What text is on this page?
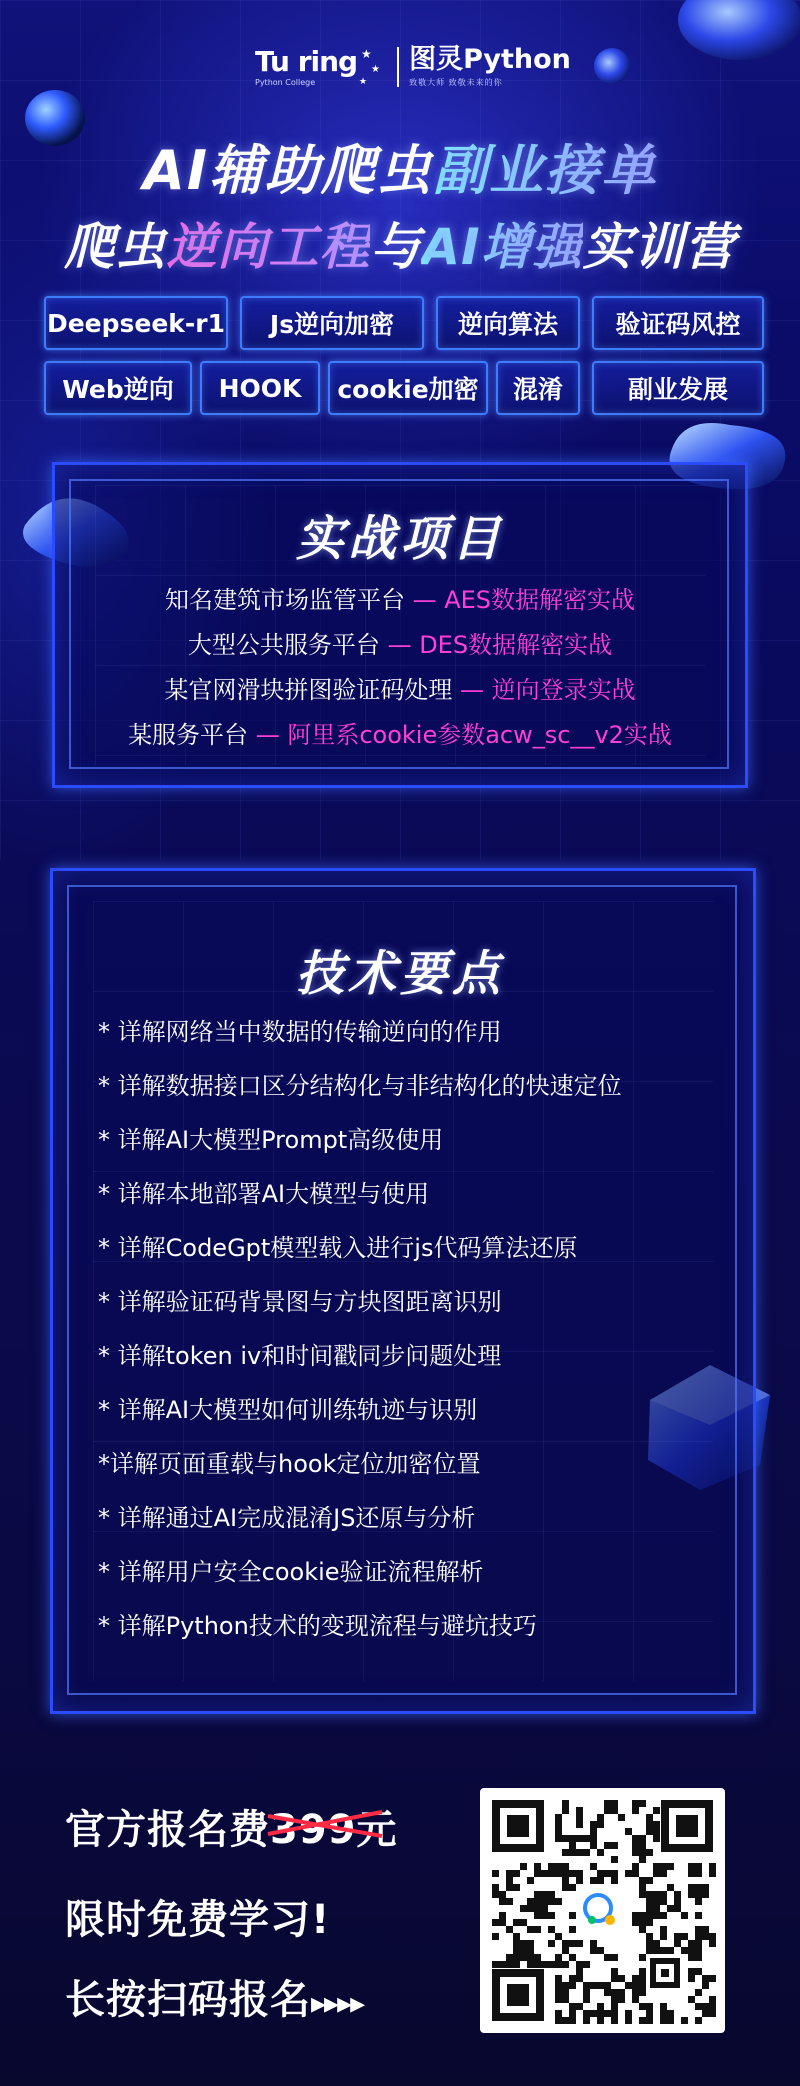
Tu ring
Python College
★
★
★
图灵Python
致敬大师 致敬未来的你
AI辅助爬虫副业接单
爬虫逆向工程与AI增强实训营
Deepseek-r1	Js逆向加密	逆向算法	验证码风控
Web逆向	HOOK	cookie加密	混淆	副业发展
实战项目
知名建筑市场监管平台 — AES数据解密实战
大型公共服务平台 — DES数据解密实战
某官网滑块拼图验证码处理 — 逆向登录实战
某服务平台 — 阿里系cookie参数acw_sc__v2实战
技术要点
* 详解网络当中数据的传输逆向的作用
* 详解数据接口区分结构化与非结构化的快速定位
* 详解AI大模型Prompt高级使用
* 详解本地部署AI大模型与使用
* 详解CodeGpt模型载入进行js代码算法还原
* 详解验证码背景图与方块图距离识别
* 详解token iv和时间戳同步问题处理
* 详解AI大模型如何训练轨迹与识别
*详解页面重载与hook定位加密位置
* 详解通过AI完成混淆JS还原与分析
* 详解用户安全cookie验证流程解析
* 详解Python技术的变现流程与避坑技巧
官方报名费399元
限时免费学习!
长按扫码报名▸▸▸▸
